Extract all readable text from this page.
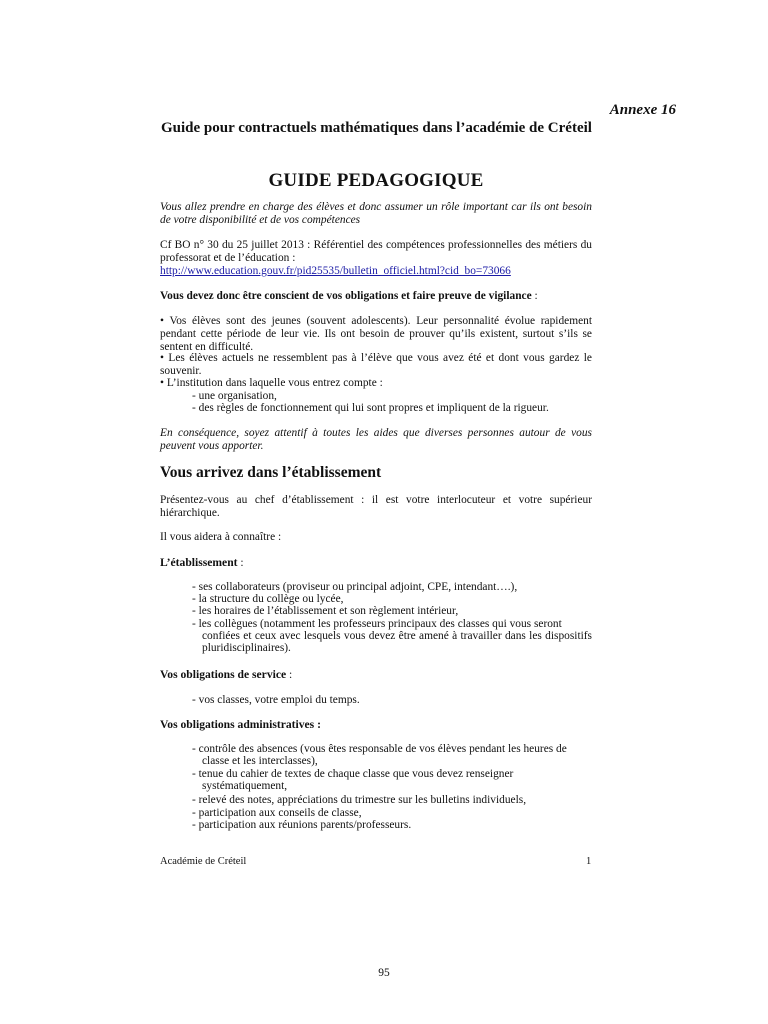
Annexe 16

Guide pour contractuels mathématiques dans l’académie de Créteil

GUIDE PEDAGOGIQUE

Vous allez prendre en charge des élèves et donc assumer un rôle important car ils ont besoin de votre disponibilité et de vos compétences

Cf BO n° 30 du 25 juillet 2013 : Référentiel des compétences professionnelles des métiers du professorat et de l’éducation :
http://www.education.gouv.fr/pid25535/bulletin_officiel.html?cid_bo=73066

Vous devez donc être conscient de vos obligations et faire preuve de vigilance :

• Vos élèves sont des jeunes (souvent adolescents). Leur personnalité évolue rapidement pendant cette période de leur vie. Ils ont besoin de prouver qu’ils existent, surtout s’ils se sentent en difficulté.

• Les élèves actuels ne ressemblent pas à l’élève que vous avez été et dont vous gardez le souvenir.

• L’institution dans laquelle vous entrez compte :

- une organisation,

- des règles de fonctionnement qui lui sont propres et impliquent de la rigueur.

En conséquence, soyez attentif à toutes les aides que diverses personnes autour de vous peuvent vous apporter.

Vous arrivez dans l’établissement

Présentez-vous au chef d’établissement : il est votre interlocuteur et votre supérieur hiérarchique.

Il vous aidera à connaître :

L’établissement :

- ses collaborateurs (proviseur ou principal adjoint, CPE, intendant….),

- la structure du collège ou lycée,

- les horaires de l’établissement et son règlement intérieur,

- les collègues (notamment les professeurs principaux des classes qui vous seront
confiées et ceux avec lesquels vous devez être amené à travailler dans les dispositifs pluridisciplinaires).

Vos obligations de service :

- vos classes, votre emploi du temps.

Vos obligations administratives :

- contrôle des absences (vous êtes responsable de vos élèves pendant les heures de
classe et les interclasses),

- tenue du cahier de textes de chaque classe que vous devez renseigner
systématiquement,

- relevé des notes, appréciations du trimestre sur les bulletins individuels,

- participation aux conseils de classe,

- participation aux réunions parents/professeurs.

Académie de Créteil	1

95
